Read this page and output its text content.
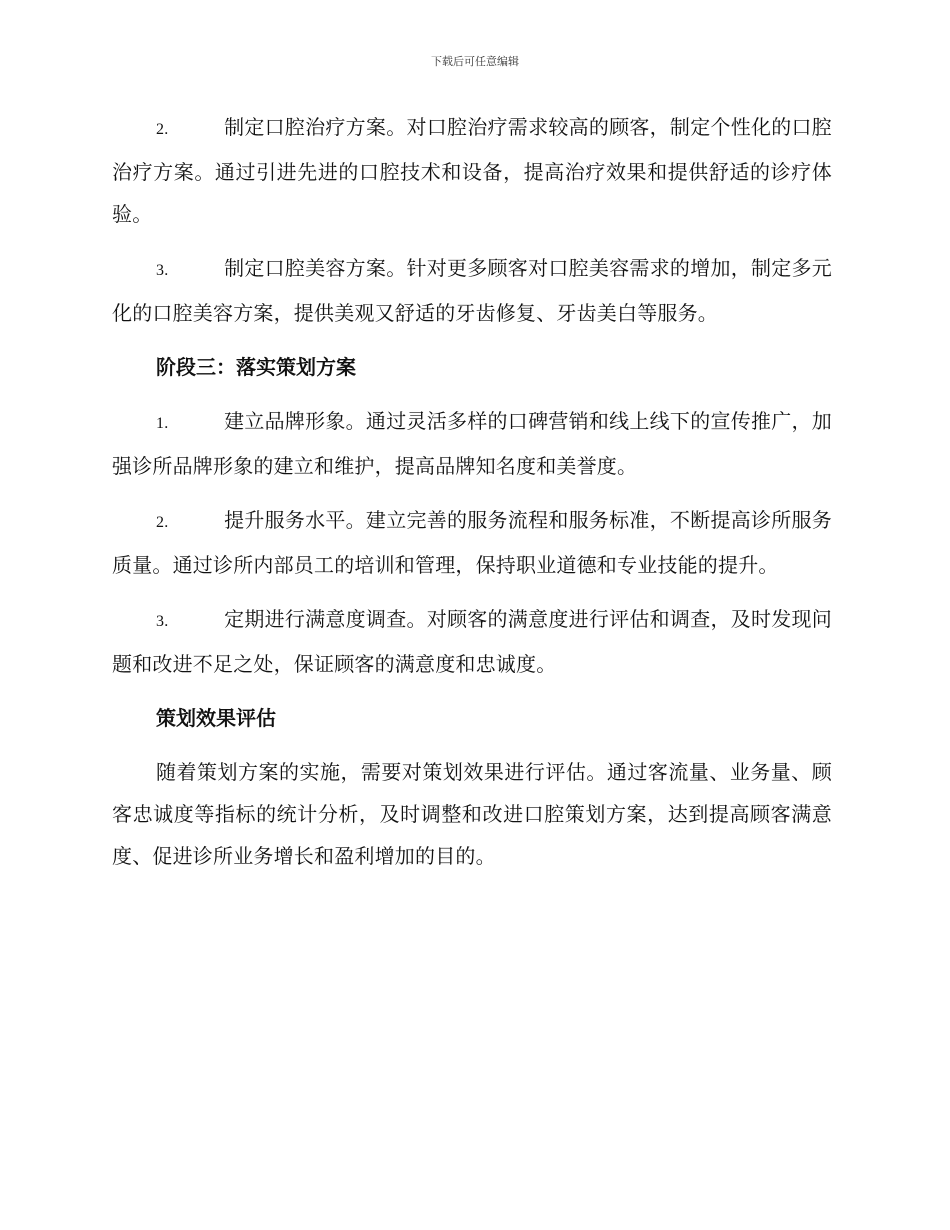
下载后可任意编辑

2.	制定口腔治疗方案。对口腔治疗需求较高的顾客，制定个性化的口腔治疗方案。通过引进先进的口腔技术和设备，提高治疗效果和提供舒适的诊疗体验。

3.	制定口腔美容方案。针对更多顾客对口腔美容需求的增加，制定多元化的口腔美容方案，提供美观又舒适的牙齿修复、牙齿美白等服务。

阶段三：落实策划方案

1.	建立品牌形象。通过灵活多样的口碑营销和线上线下的宣传推广，加强诊所品牌形象的建立和维护，提高品牌知名度和美誉度。

2.	提升服务水平。建立完善的服务流程和服务标准，不断提高诊所服务质量。通过诊所内部员工的培训和管理，保持职业道德和专业技能的提升。

3.	定期进行满意度调查。对顾客的满意度进行评估和调查，及时发现问题和改进不足之处，保证顾客的满意度和忠诚度。

策划效果评估

随着策划方案的实施，需要对策划效果进行评估。通过客流量、业务量、顾客忠诚度等指标的统计分析，及时调整和改进口腔策划方案，达到提高顾客满意度、促进诊所业务增长和盈利增加的目的。
